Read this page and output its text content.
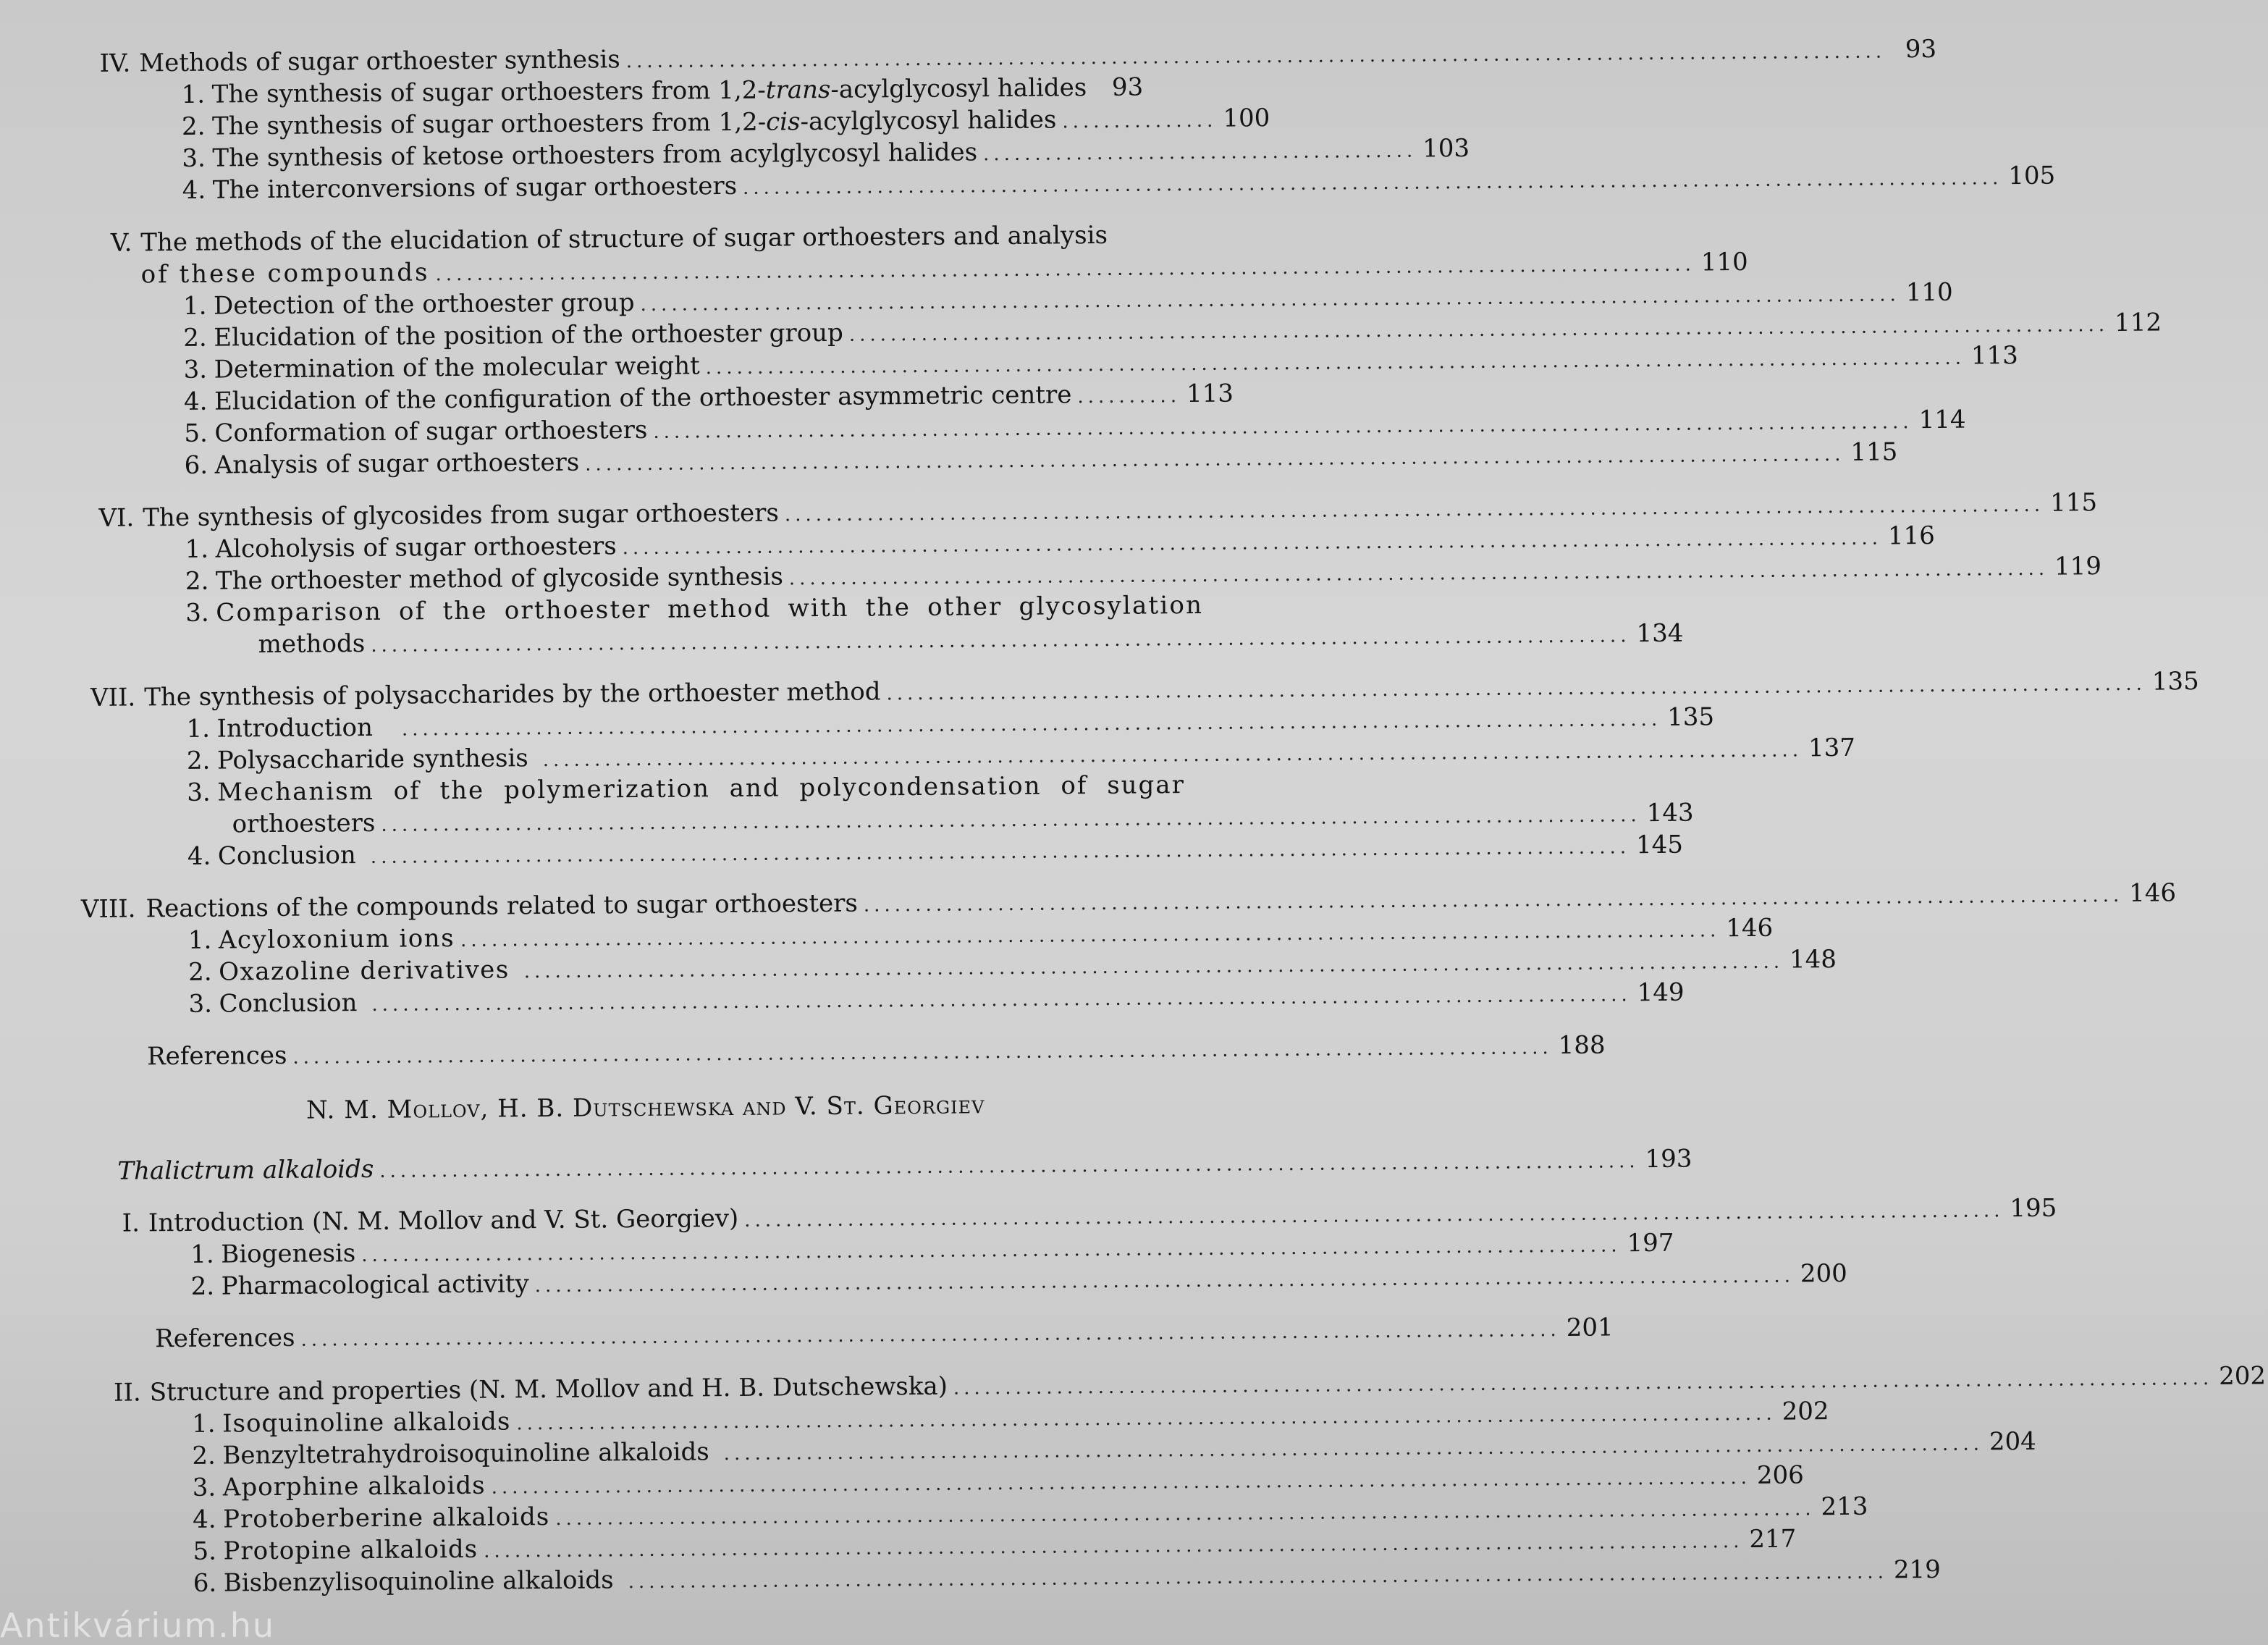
IV. Methods of sugar orthoester synthesis .......................................................................................................................... 93
1. The synthesis of sugar orthoesters from 1,2-trans-acylglycosyl halides	93
2. The synthesis of sugar orthoesters from 1,2-cis-acylglycosyl halides ............... 100
3. The synthesis of ketose orthoesters from acylglycosyl halides .......................................... 103
4. The interconversions of sugar orthoesters .......................................................................................................................... 105
V. The methods of the elucidation of structure of sugar orthoesters and analysis
of these compounds .......................................................................................................................... 110
1. Detection of the orthoester group .......................................................................................................................... 110
2. Elucidation of the position of the orthoester group .......................................................................................................................... 112
3. Determination of the molecular weight .......................................................................................................................... 113
4. Elucidation of the configuration of the orthoester asymmetric centre .......... 113
5. Conformation of sugar orthoesters .......................................................................................................................... 114
6. Analysis of sugar orthoesters .......................................................................................................................... 115
VI. The synthesis of glycosides from sugar orthoesters .......................................................................................................................... 115
1. Alcoholysis of sugar orthoesters .......................................................................................................................... 116
2. The orthoester method of glycoside synthesis .......................................................................................................................... 119
3. Comparison of the orthoester method with the other glycosylation
methods .......................................................................................................................... 134
VII. The synthesis of polysaccharides by the orthoester method .......................................................................................................................... 135
1. Introduction .......................................................................................................................... 135
2. Polysaccharide synthesis .......................................................................................................................... 137
3. Mechanism of the polymerization and polycondensation of sugar
orthoesters .......................................................................................................................... 143
4. Conclusion .......................................................................................................................... 145
VIII. Reactions of the compounds related to sugar orthoesters .......................................................................................................................... 146
1. Acyloxonium ions .......................................................................................................................... 146
2. Oxazoline derivatives .......................................................................................................................... 148
3. Conclusion .......................................................................................................................... 149
References .......................................................................................................................... 188
N. M. Mollov, H. B. Dutschewska and V. St. Georgiev
Thalictrum alkaloids .......................................................................................................................... 193
I. Introduction (N. M. Mollov and V. St. Georgiev) .......................................................................................................................... 195
1. Biogenesis .......................................................................................................................... 197
2. Pharmacological activity .......................................................................................................................... 200
References .......................................................................................................................... 201
II. Structure and properties (N. M. Mollov and H. B. Dutschewska) .......................................................................................................................... 202
1. Isoquinoline alkaloids .......................................................................................................................... 202
2. Benzyltetrahydroisoquinoline alkaloids .......................................................................................................................... 204
3. Aporphine alkaloids .......................................................................................................................... 206
4. Protoberberine alkaloids .......................................................................................................................... 213
5. Protopine alkaloids .......................................................................................................................... 217
6. Bisbenzylisoquinoline alkaloids .......................................................................................................................... 219
Antikvárium.hu
